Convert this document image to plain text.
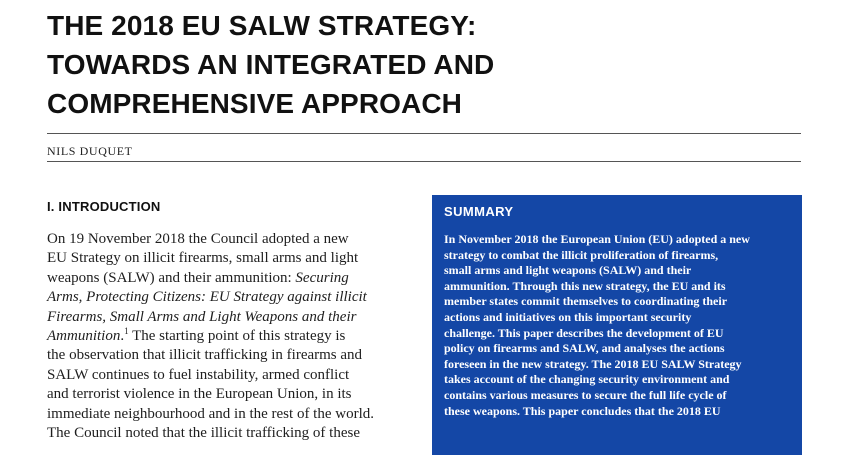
THE 2018 EU SALW STRATEGY:
TOWARDS AN INTEGRATED AND
COMPREHENSIVE APPROACH
NILS DUQUET
I. INTRODUCTION
On 19 November 2018 the Council adopted a new
EU Strategy on illicit firearms, small arms and light
weapons (SALW) and their ammunition: Securing
Arms, Protecting Citizens: EU Strategy against illicit
Firearms, Small Arms and Light Weapons and their
Ammunition.$^1$ The starting point of this strategy is
the observation that illicit trafficking in firearms and
SALW continues to fuel instability, armed conflict
and terrorist violence in the European Union, in its
immediate neighbourhood and in the rest of the world.
The Council noted that the illicit trafficking of these
SUMMARY
In November 2018 the European Union (EU) adopted a new
strategy to combat the illicit proliferation of firearms,
small arms and light weapons (SALW) and their
ammunition. Through this new strategy, the EU and its
member states commit themselves to coordinating their
actions and initiatives on this important security
challenge. This paper describes the development of EU
policy on firearms and SALW, and analyses the actions
foreseen in the new strategy. The 2018 EU SALW Strategy
takes account of the changing security environment and
contains various measures to secure the full life cycle of
these weapons. This paper concludes that the 2018 EU
